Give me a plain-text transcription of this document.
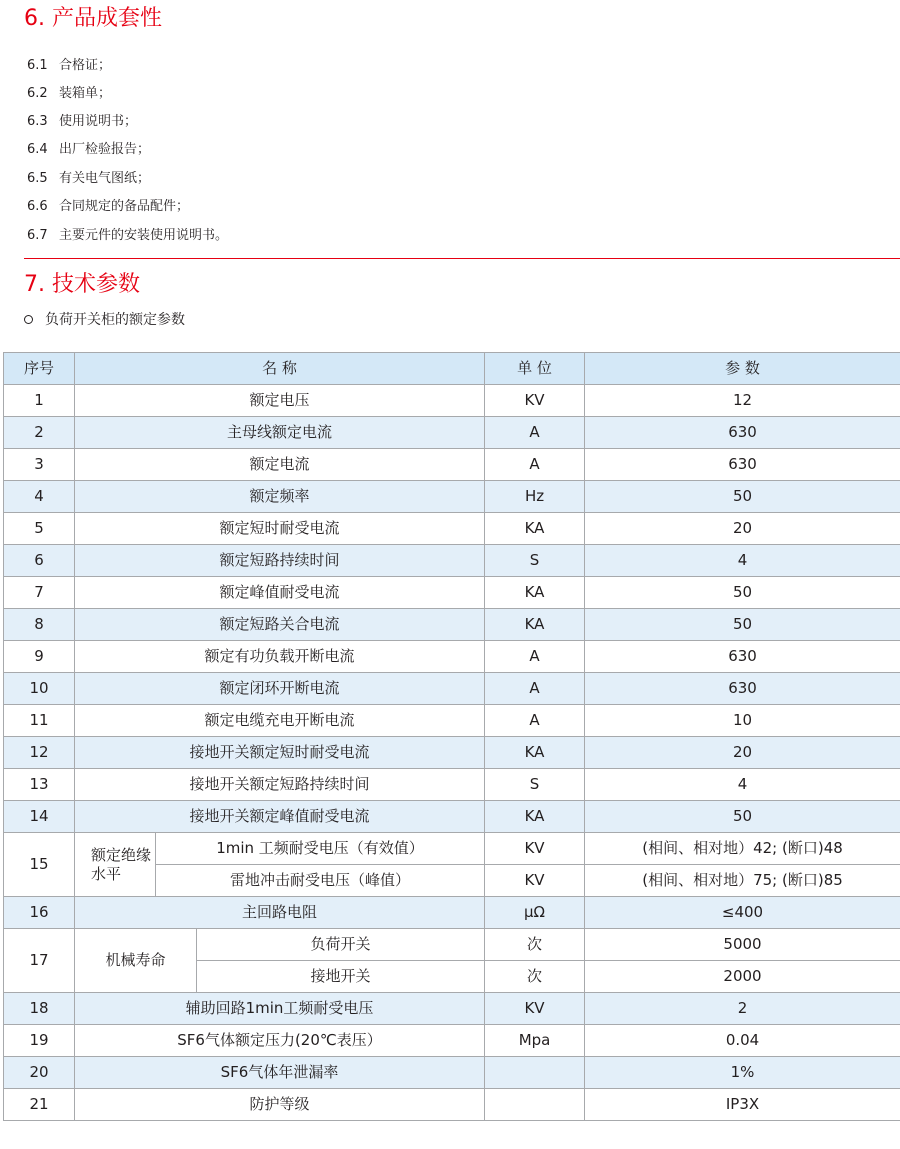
6. 产品成套性
6.1 合格证；
6.2 装箱单；
6.3 使用说明书；
6.4 出厂检验报告；
6.5 有关电气图纸；
6.6 合同规定的备品配件；
6.7 主要元件的安装使用说明书。
7. 技术参数
负荷开关柜的额定参数
序号	名 称			单 位	参 数
1	额定电压			KV	12
2	主母线额定电流			A	630
3	额定电流			A	630
4	额定频率			Hz	50
5	额定短时耐受电流			KA	20
6	额定短路持续时间			S	4
7	额定峰值耐受电流			KA	50
8	额定短路关合电流			KA	50
9	额定有功负载开断电流			A	630
10	额定闭环开断电流			A	630
11	额定电缆充电开断电流			A	10
12	接地开关额定短时耐受电流			KA	20
13	接地开关额定短路持续时间			S	4
14	接地开关额定峰值耐受电流			KA	50
15	额定绝缘水平	1min 工频耐受电压（有效值）		KV	(相间、相对地）42; (断口)48
		雷地冲击耐受电压（峰值）		KV	(相间、相对地）75; (断口)85
16	主回路电阻			μΩ	≤400
17	机械寿命		负荷开关	次	5000
			接地开关	次	2000
18	辅助回路1min工频耐受电压			KV	2
19	SF6气体额定压力(20℃表压）			Mpa	0.04
20	SF6气体年泄漏率				1%
21	防护等级				IP3X
